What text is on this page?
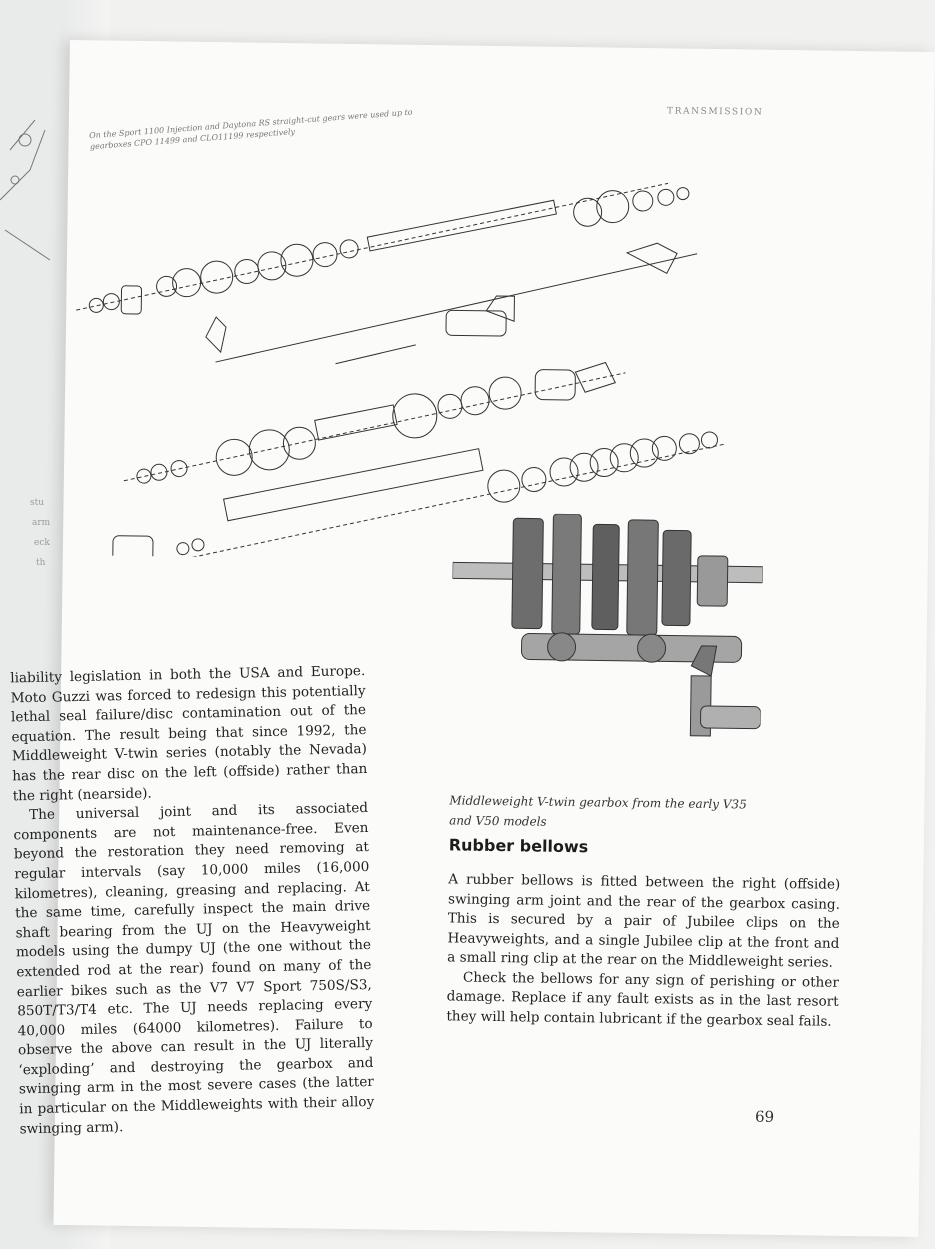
stu
arm
eck
th
TRANSMISSION
On the Sport 1100 Injection and Daytona RS straight-cut gears were used up to gearboxes CPO 11499 and CLO11199 respectively
Middleweight V-twin gearbox from the early V35 and V50 models
Rubber bellows

A rubber bellows is fitted between the right (offside) swinging arm joint and the rear of the gearbox casing. This is secured by a pair of Jubilee clips on the Heavyweights, and a single Jubilee clip at the front and a small ring clip at the rear on the Middleweight series.

Check the bellows for any sign of perishing or other damage. Replace if any fault exists as in the last resort they will help contain lubricant if the gearbox seal fails.

69

liability legislation in both the USA and Europe. Moto Guzzi was forced to redesign this potentially lethal seal failure/disc contamination out of the equation. The result being that since 1992, the Middleweight V-twin series (notably the Nevada) has the rear disc on the left (offside) rather than the right (nearside).

The universal joint and its associated components are not maintenance-free. Even beyond the restoration they need removing at regular intervals (say 10,000 miles (16,000 kilometres), cleaning, greasing and replacing. At the same time, carefully inspect the main drive shaft bearing from the UJ on the Heavyweight models using the dumpy UJ (the one without the extended rod at the rear) found on many of the earlier bikes such as the V7 V7 Sport 750S/S3, 850T/T3/T4 etc. The UJ needs replacing every 40,000 miles (64000 kilometres). Failure to observe the above can result in the UJ literally ‘exploding’ and destroying the gearbox and swinging arm in the most severe cases (the latter in particular on the Middleweights with their alloy swinging arm).
